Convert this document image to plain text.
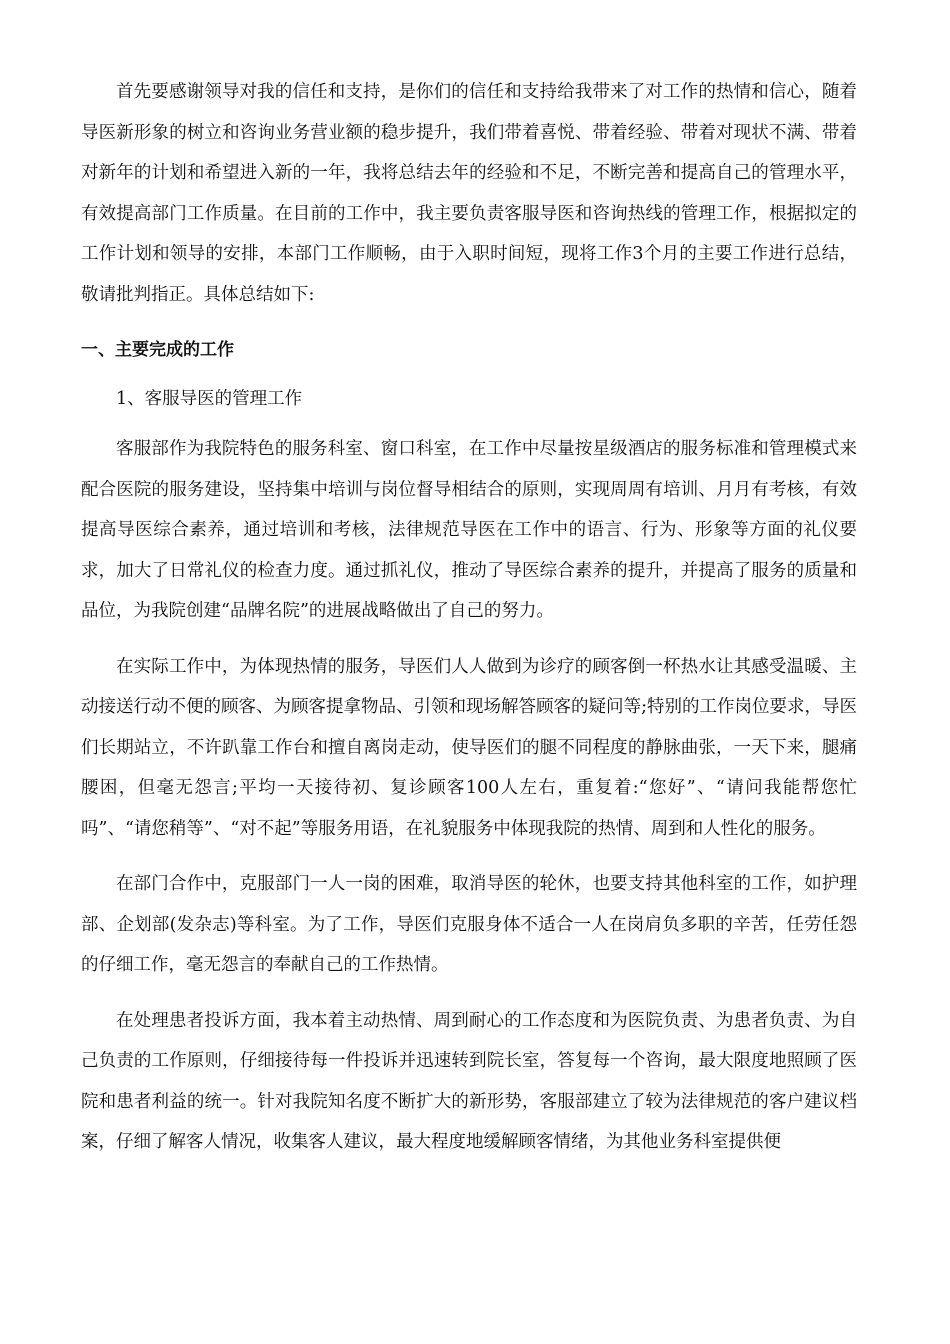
首先要感谢领导对我的信任和支持，是你们的信任和支持给我带来了对工作的热情和信心，随着导医新形象的树立和咨询业务营业额的稳步提升，我们带着喜悦、带着经验、带着对现状不满、带着对新年的计划和希望进入新的一年，我将总结去年的经验和不足，不断完善和提高自己的管理水平，有效提高部门工作质量。在目前的工作中，我主要负责客服导医和咨询热线的管理工作，根据拟定的工作计划和领导的安排，本部门工作顺畅，由于入职时间短，现将工作3个月的主要工作进行总结，敬请批判指正。具体总结如下:

一、主要完成的工作

1、客服导医的管理工作

客服部作为我院特色的服务科室、窗口科室，在工作中尽量按星级酒店的服务标准和管理模式来配合医院的服务建设，坚持集中培训与岗位督导相结合的原则，实现周周有培训、月月有考核，有效提高导医综合素养，通过培训和考核，法律规范导医在工作中的语言、行为、形象等方面的礼仪要求，加大了日常礼仪的检查力度。通过抓礼仪，推动了导医综合素养的提升，并提高了服务的质量和品位，为我院创建“品牌名院”的进展战略做出了自己的努力。

在实际工作中，为体现热情的服务，导医们人人做到为诊疗的顾客倒一杯热水让其感受温暖、主动接送行动不便的顾客、为顾客提拿物品、引领和现场解答顾客的疑问等;特别的工作岗位要求，导医们长期站立，不许趴靠工作台和擅自离岗走动，使导医们的腿不同程度的静脉曲张，一天下来，腿痛腰困，但毫无怨言;平均一天接待初、复诊顾客100人左右，重复着:“您好”、“请问我能帮您忙吗”、“请您稍等”、“对不起”等服务用语，在礼貌服务中体现我院的热情、周到和人性化的服务。

在部门合作中，克服部门一人一岗的困难，取消导医的轮休，也要支持其他科室的工作，如护理部、企划部(发杂志)等科室。为了工作，导医们克服身体不适合一人在岗肩负多职的辛苦，任劳任怨的仔细工作，毫无怨言的奉献自己的工作热情。

在处理患者投诉方面，我本着主动热情、周到耐心的工作态度和为医院负责、为患者负责、为自己负责的工作原则，仔细接待每一件投诉并迅速转到院长室，答复每一个咨询，最大限度地照顾了医院和患者利益的统一。针对我院知名度不断扩大的新形势，客服部建立了较为法律规范的客户建议档案，仔细了解客人情况，收集客人建议，最大程度地缓解顾客情绪，为其他业务科室提供便
